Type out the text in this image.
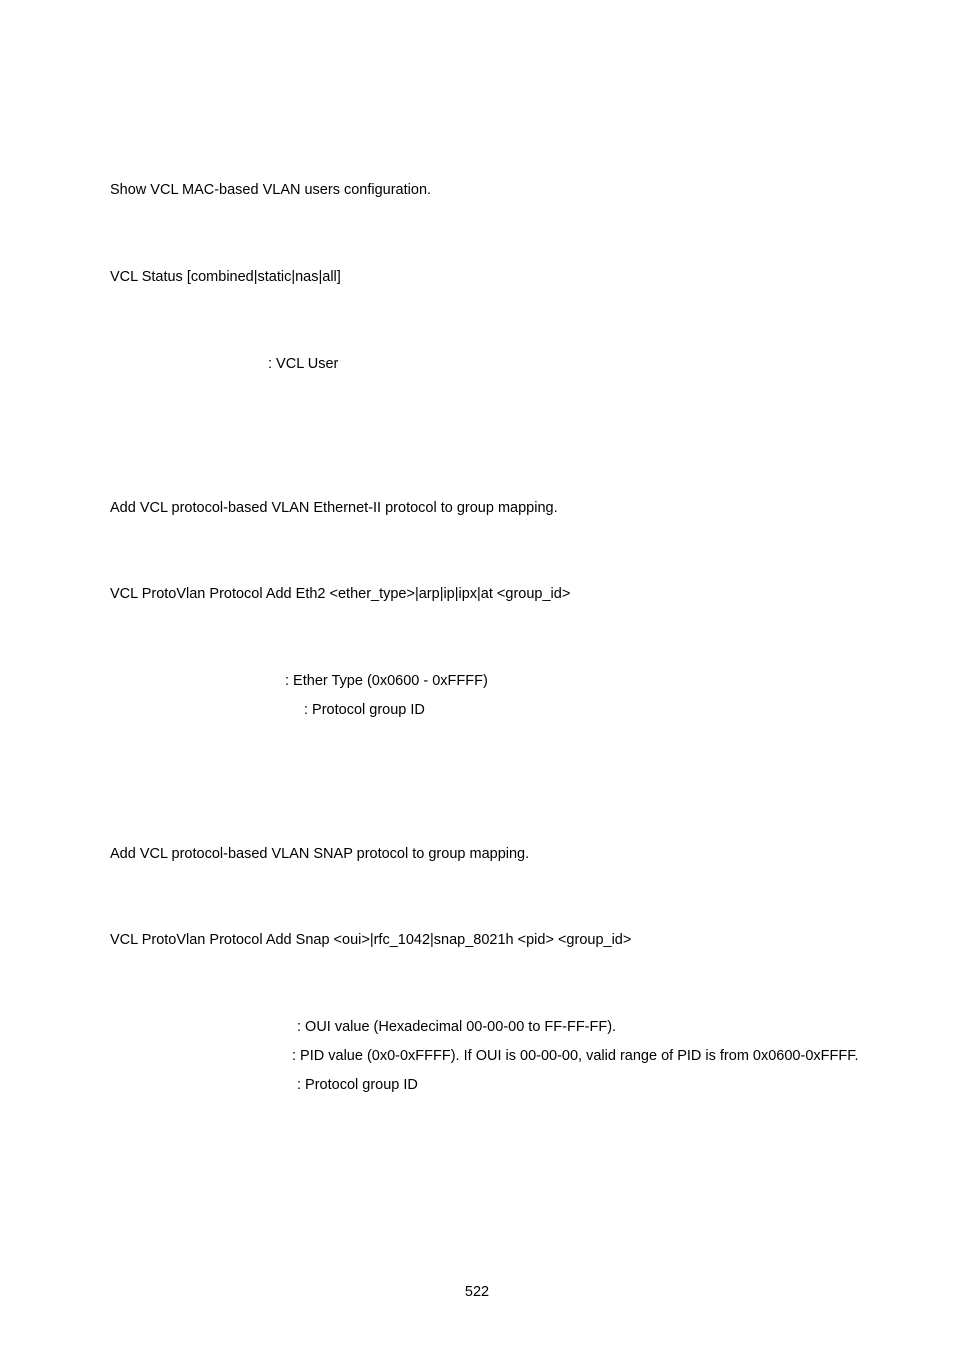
Show VCL MAC-based VLAN users configuration.
VCL Status [combined|static|nas|all]
: VCL User
Add VCL protocol-based VLAN Ethernet-II protocol to group mapping.
VCL ProtoVlan Protocol Add Eth2 <ether_type>|arp|ip|ipx|at <group_id>
: Ether Type (0x0600 - 0xFFFF)
: Protocol group ID
Add VCL protocol-based VLAN SNAP protocol to group mapping.
VCL ProtoVlan Protocol Add Snap <oui>|rfc_1042|snap_8021h <pid> <group_id>
: OUI value (Hexadecimal 00-00-00 to FF-FF-FF).
: PID value (0x0-0xFFFF). If OUI is 00-00-00, valid range of PID is from 0x0600-0xFFFF.
: Protocol group ID
522
